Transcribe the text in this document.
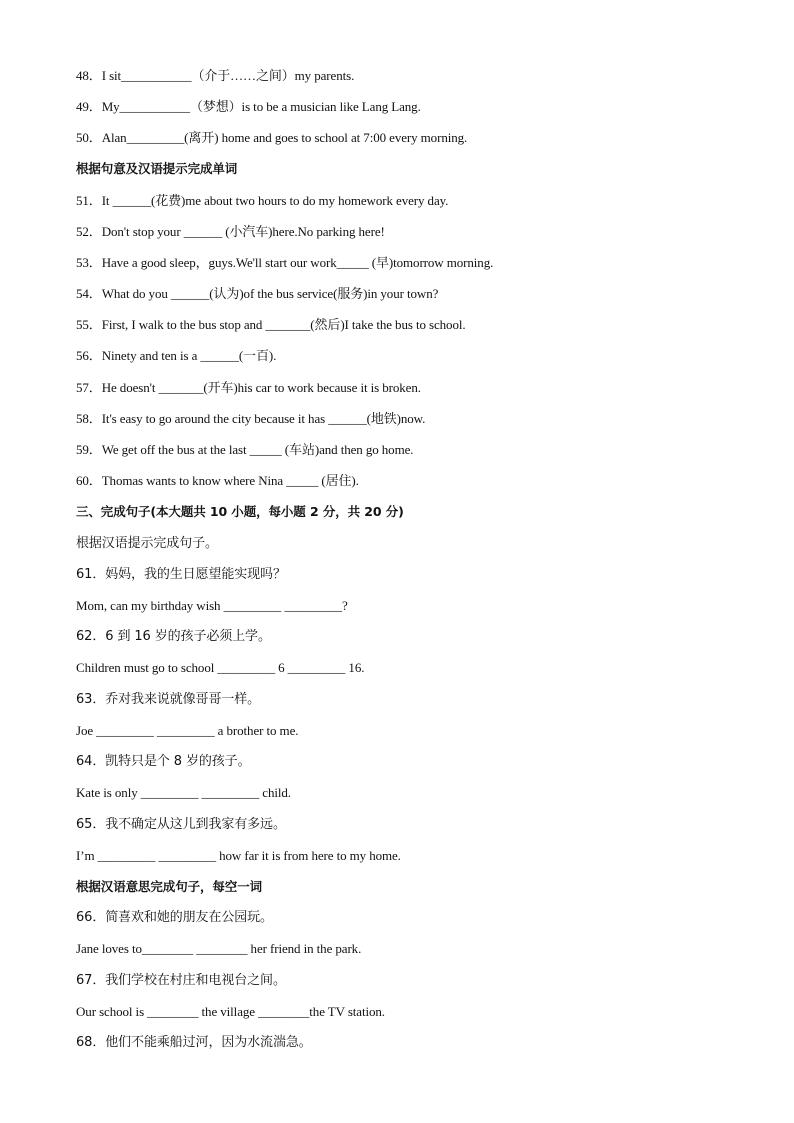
48．I sit___________（介于……之间）my parents.
49．My___________（梦想）is to be a musician like Lang Lang.
50．Alan_________(离开) home and goes to school at 7:00 every morning.
根据句意及汉语提示完成单词
51．It ______(花费)me about two hours to do my homework every day.
52．Don't stop your ______ (小汽车)here.No parking here!
53．Have a good sleep，guys.We'll start our work_____ (早)tomorrow morning.
54．What do you ______(认为)of the bus service(服务)in your town?
55．First, I walk to the bus stop and _______(然后)I take the bus to school.
56．Ninety and ten is a ______(一百).
57．He doesn't _______(开车)his car to work because it is broken.
58．It's easy to go around the city because it has ______(地铁)now.
59．We get off the bus at the last _____ (车站)and then go home.
60．Thomas wants to know where Nina _____ (居住).
三、完成句子(本大题共 10 小题，每小题 2 分，共 20 分)
根据汉语提示完成句子。
61．妈妈，我的生日愿望能实现吗？
Mom, can my birthday wish _________ _________?
62．6 到 16 岁的孩子必须上学。
Children must go to school _________ 6 _________ 16.
63．乔对我来说就像哥哥一样。
Joe _________ _________ a brother to me.
64．凯特只是个 8 岁的孩子。
Kate is only _________ _________ child.
65．我不确定从这儿到我家有多远。
I’m _________ _________ how far it is from here to my home.
根据汉语意思完成句子，每空一词
66．简喜欢和她的朋友在公园玩。
Jane loves to________ ________ her friend in the park.
67．我们学校在村庄和电视台之间。
Our school is ________ the village ________the TV station.
68．他们不能乘船过河，因为水流湍急。
